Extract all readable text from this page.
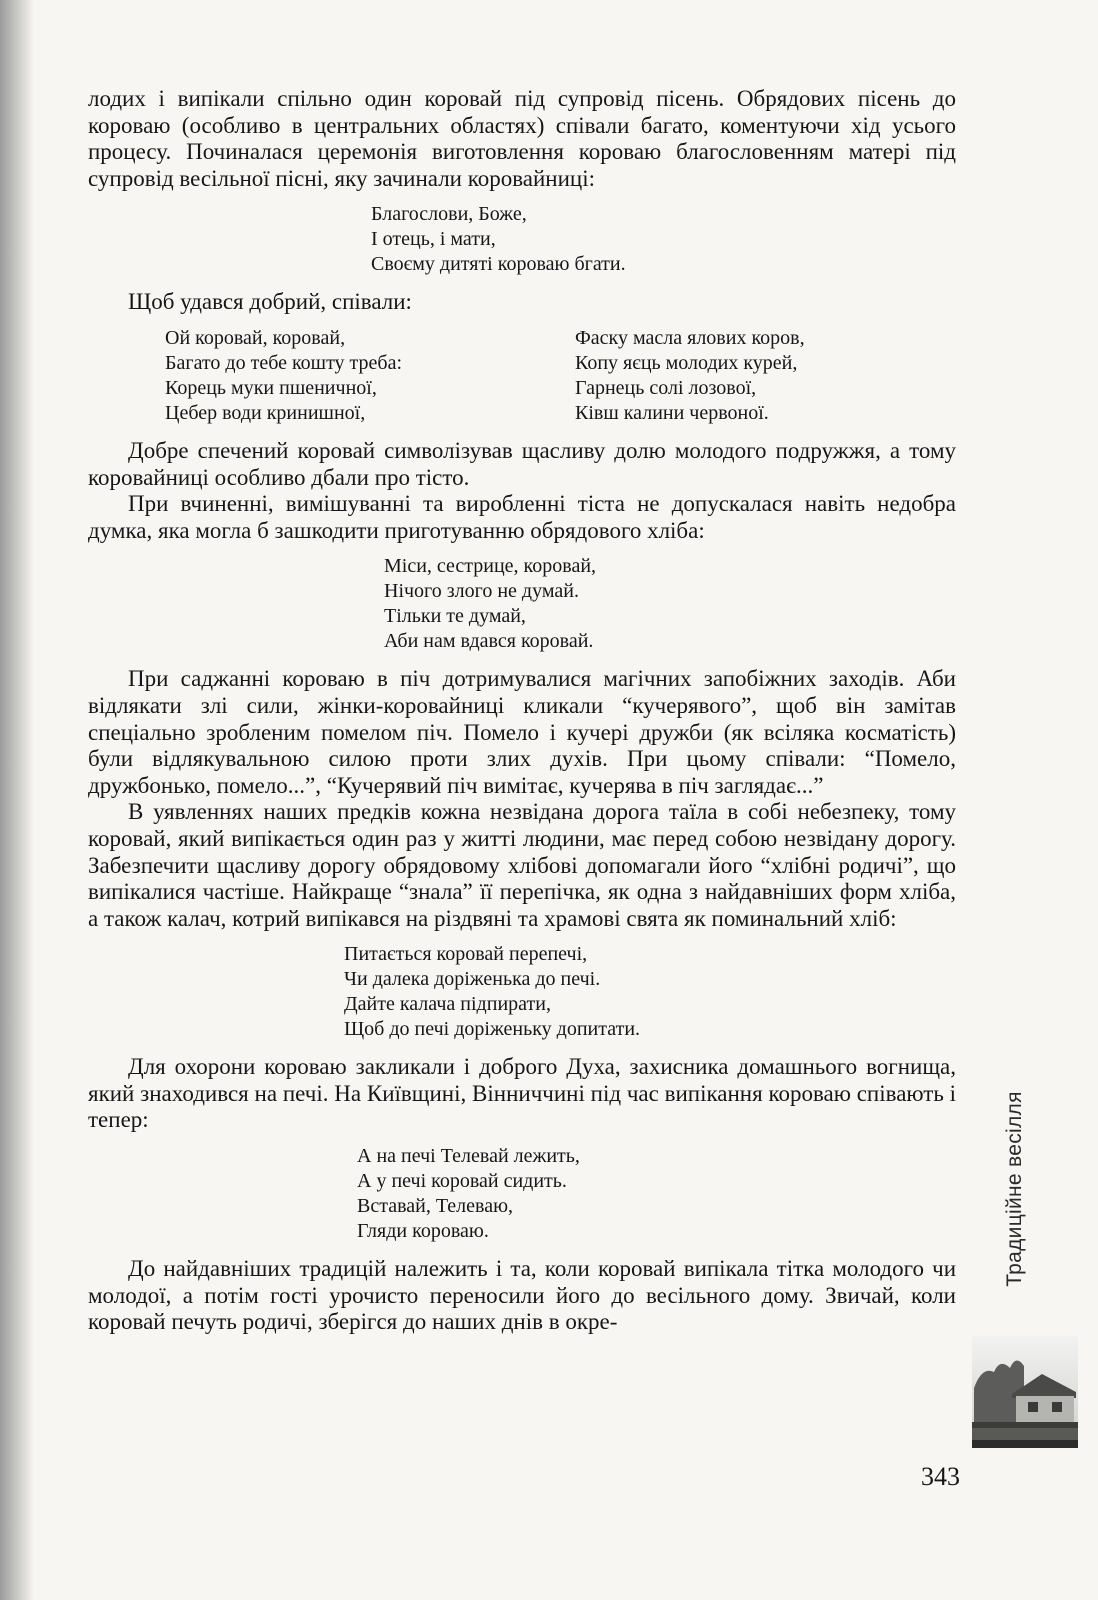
лодих і випікали спільно один коровай під супровід пісень. Обрядових пісень до короваю (особливо в центральних областях) співали багато, коментуючи хід усього процесу. Починалася церемонія виготовлення короваю благословенням матері під супровід весільної пісні, яку зачинали коровайниці:

Благослови, Боже,
І отець, і мати,
Своєму дитяті короваю бгати.

Щоб удався добрий, співали:

Ой коровай, коровай,
Багато до тебе кошту треба:
Корець муки пшеничної,
Цебер води кринишної,
Фаску масла ялових коров,
Копу яєць молодих курей,
Гарнець солі лозової,
Ківш калини червоної.

Добре спечений коровай символізував щасливу долю молодого подружжя, а тому коровайниці особливо дбали про тісто.

При вчиненні, вимішуванні та виробленні тіста не допускалася навіть недобра думка, яка могла б зашкодити приготуванню обрядового хліба:

Міси, сестрице, коровай,
Нічого злого не думай.
Тільки те думай,
Аби нам вдався коровай.

При саджанні короваю в піч дотримувалися магічних запобіжних заходів. Аби відлякати злі сили, жінки-коровайниці кликали “кучерявого”, щоб він замітав спеціально зробленим помелом піч. Помело і кучері дружби (як всіляка косматість) були відлякувальною силою проти злих духів. При цьому співали: “Помело, дружбонько, помело...”, “Кучерявий піч вимітає, кучерява в піч заглядає...”

В уявленнях наших предків кожна незвідана дорога таїла в собі небезпеку, тому коровай, який випікається один раз у житті людини, має перед собою незвідану дорогу. Забезпечити щасливу дорогу обрядовому хлібові допомагали його “хлібні родичі”, що випікалися частіше. Найкраще “знала” її перепічка, як одна з найдавніших форм хліба, а також калач, котрий випікався на різдвяні та храмові свята як поминальний хліб:

Питається коровай перепечі,
Чи далека доріженька до печі.
Дайте калача підпирати,
Щоб до печі доріженьку допитати.

Для охорони короваю закликали і доброго Духа, захисника домашнього вогнища, який знаходився на печі. На Київщині, Вінниччині під час випікання короваю співають і тепер:

А на печі Телевай лежить,
А у печі коровай сидить.
Вставай, Телеваю,
Гляди короваю.

До найдавніших традицій належить і та, коли коровай випікала тітка молодого чи молодої, а потім гості урочисто переносили його до весільного дому. Звичай, коли коровай печуть родичі, зберігся до наших днів в окре-

Традиційне весілля
343
